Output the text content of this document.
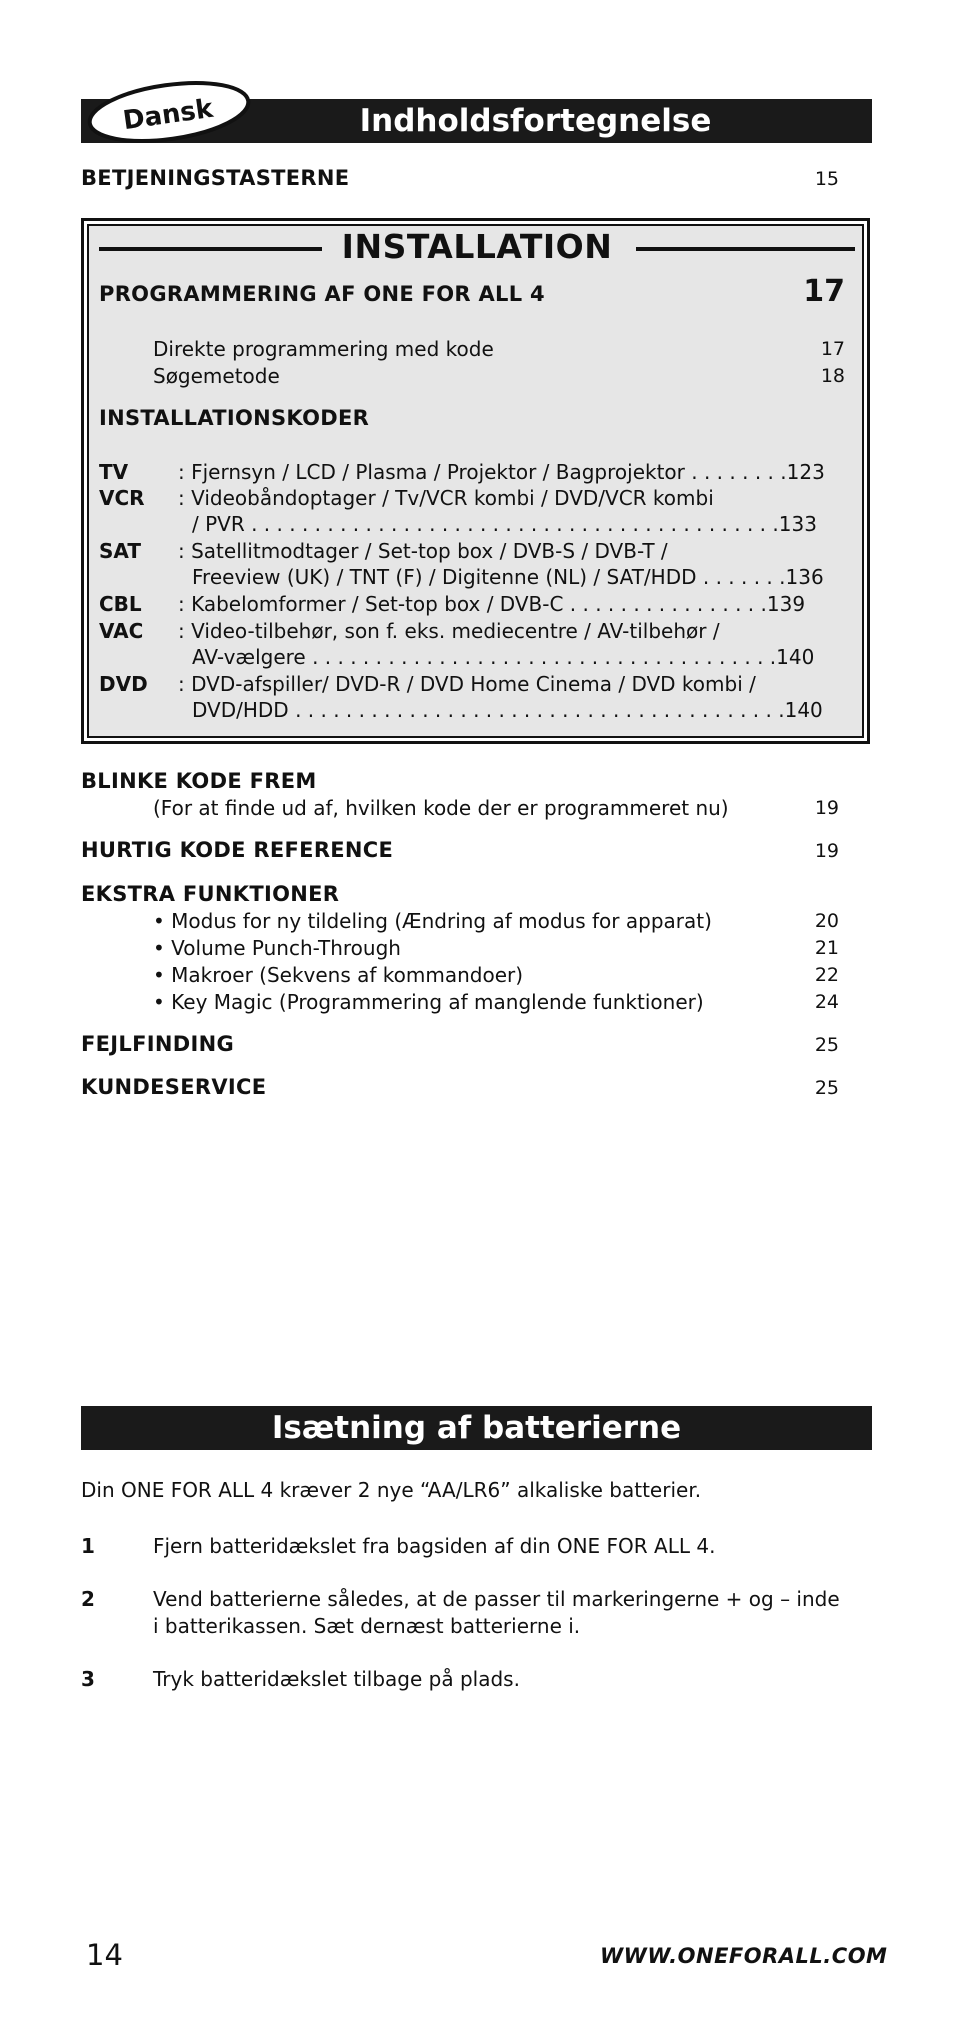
Dansk	Indholdsfortegnelse
BETJENINGSTASTERNE	15
INSTALLATION
PROGRAMMERING AF ONE FOR ALL 4	17
Direkte programmering med kode	17
Søgemetode	18
INSTALLATIONSKODER
TV : Fjernsyn / LCD / Plasma / Projektor / Bagprojektor . . . . . . . .123
VCR : Videobåndoptager / Tv/VCR kombi / DVD/VCR kombi
/ PVR . . . . . . . . . . . . . . . . . . . . . . . . . . . . . . . . . . . . . . . . . .133
SAT : Satellitmodtager / Set-top box / DVB-S / DVB-T /
Freeview (UK) / TNT (F) / Digitenne (NL) / SAT/HDD . . . . . . .136
CBL : Kabelomformer / Set-top box / DVB-C . . . . . . . . . . . . . . . .139
VAC : Video-tilbehør, son f. eks. mediecentre / AV-tilbehør /
AV-vælgere . . . . . . . . . . . . . . . . . . . . . . . . . . . . . . . . . . . . .140
DVD : DVD-afspiller/ DVD-R / DVD Home Cinema / DVD kombi /
DVD/HDD . . . . . . . . . . . . . . . . . . . . . . . . . . . . . . . . . . . . . . .140
BLINKE KODE FREM
(For at finde ud af, hvilken kode der er programmeret nu)	19
HURTIG KODE REFERENCE	19
EKSTRA FUNKTIONER
• Modus for ny tildeling (Ændring af modus for apparat)	20
• Volume Punch-Through	21
• Makroer (Sekvens af kommandoer)	22
• Key Magic (Programmering af manglende funktioner)	24
FEJLFINDING	25
KUNDESERVICE	25
Isætning af batterierne
Din ONE FOR ALL 4 kræver 2 nye “AA/LR6” alkaliske batterier.
1	Fjern batteridækslet fra bagsiden af din ONE FOR ALL 4.
2	Vend batterierne således, at de passer til markeringerne + og – inde
i batterikassen. Sæt dernæst batterierne i.
3	Tryk batteridækslet tilbage på plads.
14	WWW.ONEFORALL.COM
